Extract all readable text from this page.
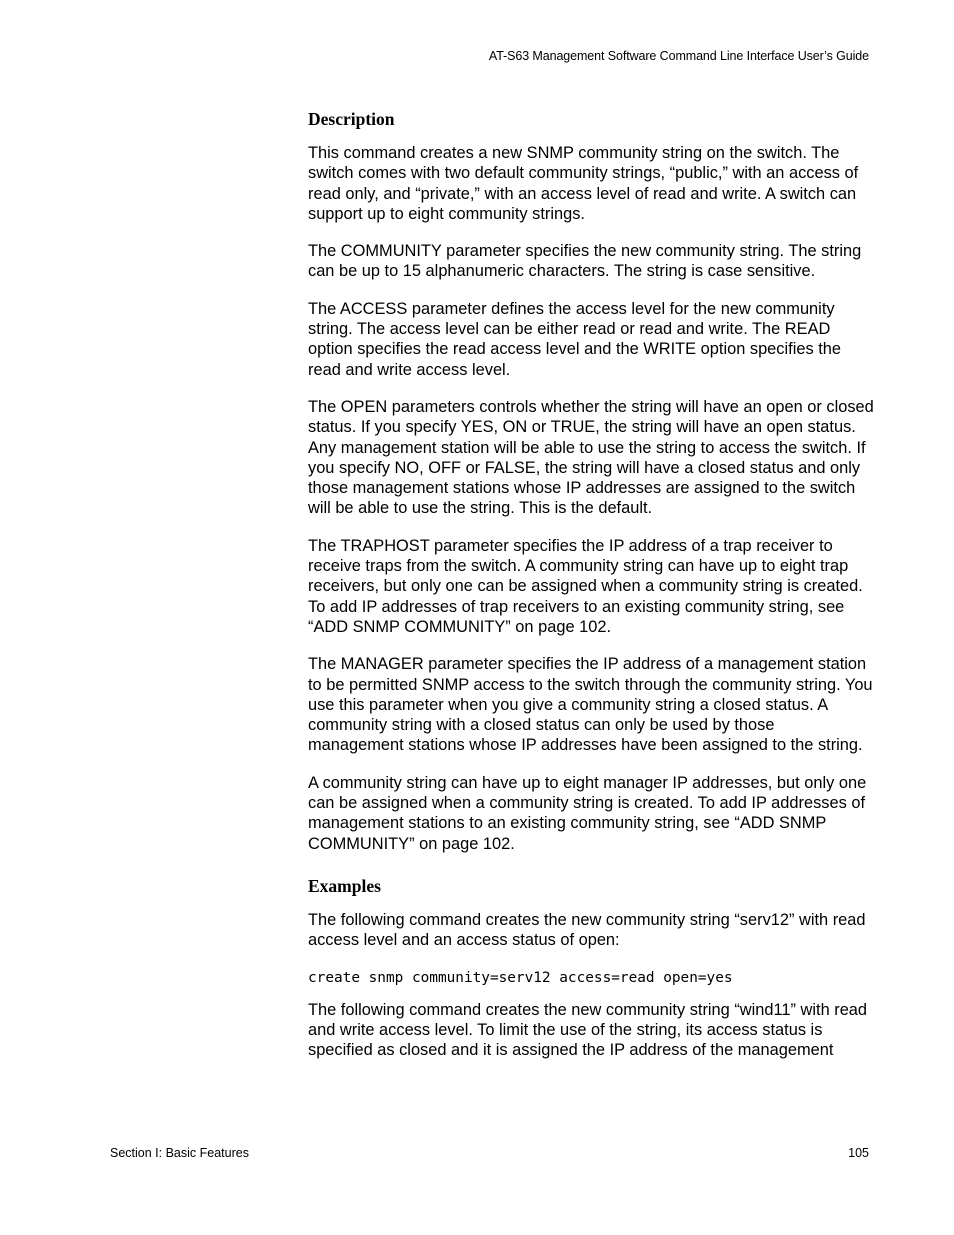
AT-S63 Management Software Command Line Interface User’s Guide
Description

This command creates a new SNMP community string on the switch. The switch comes with two default community strings, “public,” with an access of read only, and “private,” with an access level of read and write. A switch can support up to eight community strings.

The COMMUNITY parameter specifies the new community string. The string can be up to 15 alphanumeric characters. The string is case sensitive.

The ACCESS parameter defines the access level for the new community string. The access level can be either read or read and write. The READ option specifies the read access level and the WRITE option specifies the read and write access level.

The OPEN parameters controls whether the string will have an open or closed status. If you specify YES, ON or TRUE, the string will have an open status. Any management station will be able to use the string to access the switch. If you specify NO, OFF or FALSE, the string will have a closed status and only those management stations whose IP addresses are assigned to the switch will be able to use the string. This is the default.

The TRAPHOST parameter specifies the IP address of a trap receiver to receive traps from the switch. A community string can have up to eight trap receivers, but only one can be assigned when a community string is created. To add IP addresses of trap receivers to an existing community string, see “ADD SNMP COMMUNITY” on page 102.

The MANAGER parameter specifies the IP address of a management station to be permitted SNMP access to the switch through the community string. You use this parameter when you give a community string a closed status. A community string with a closed status can only be used by those management stations whose IP addresses have been assigned to the string.

A community string can have up to eight manager IP addresses, but only one can be assigned when a community string is created. To add IP addresses of management stations to an existing community string, see “ADD SNMP COMMUNITY” on page 102.

Examples

The following command creates the new community string “serv12” with read access level and an access status of open:

create snmp community=serv12 access=read open=yes

The following command creates the new community string “wind11” with read and write access level. To limit the use of the string, its access status is specified as closed and it is assigned the IP address of the management

Section I: Basic Features	105
